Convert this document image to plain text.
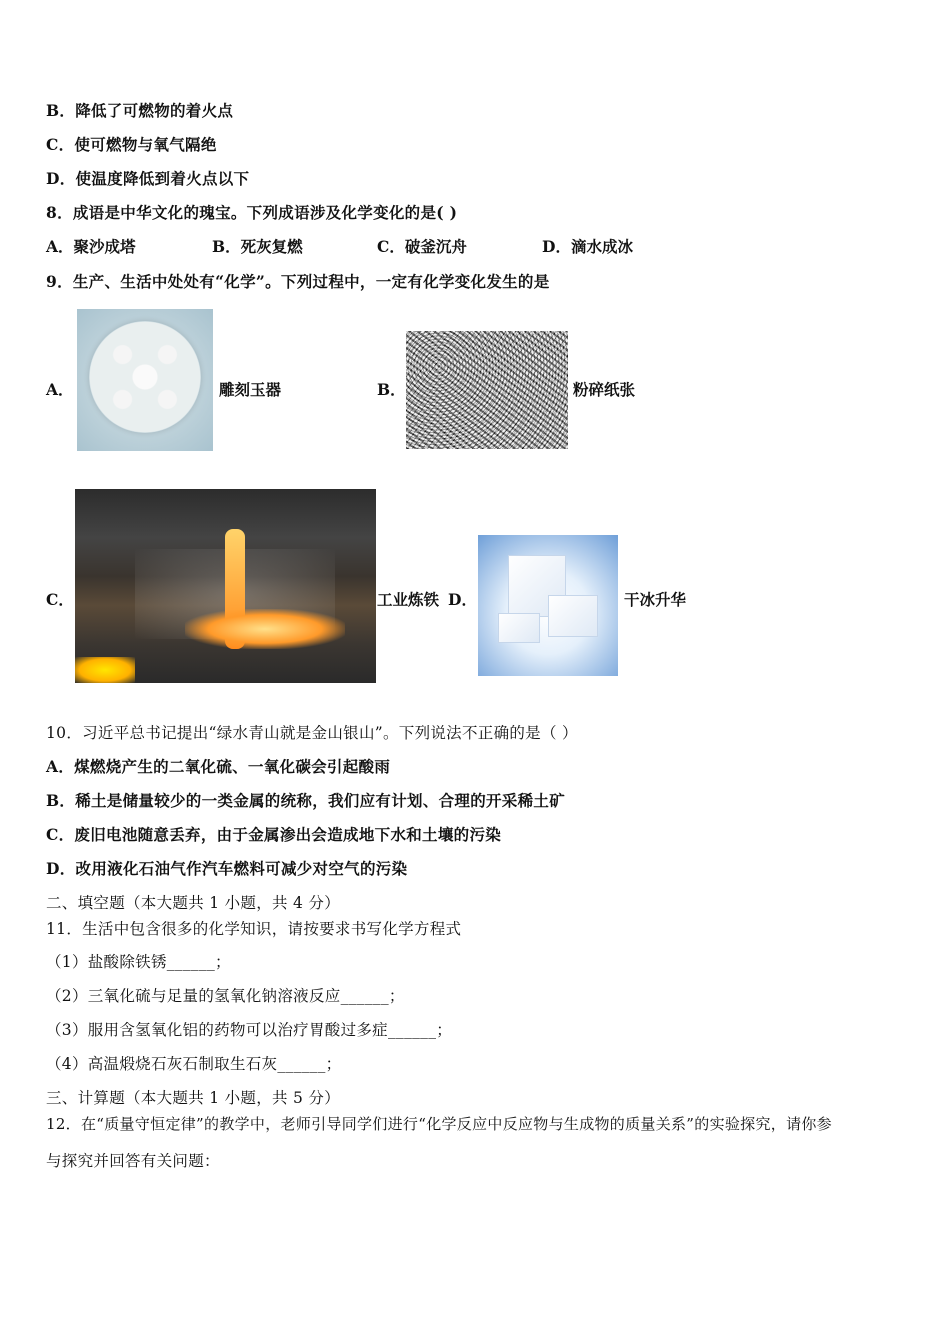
B．降低了可燃物的着火点
C．使可燃物与氧气隔绝
D．使温度降低到着火点以下
8．成语是中华文化的瑰宝。下列成语涉及化学变化的是( )
A．聚沙成塔	B．死灰复燃	C．破釜沉舟	D．滴水成冰
9．生产、生活中处处有“化学”。下列过程中，一定有化学变化发生的是
A．	雕刻玉器	B．	粉碎纸张
C．	工业炼铁 D．	干冰升华
10．习近平总书记提出“绿水青山就是金山银山”。下列说法不正确的是（ ）
A．煤燃烧产生的二氧化硫、一氧化碳会引起酸雨
B．稀土是储量较少的一类金属的统称，我们应有计划、合理的开采稀土矿
C．废旧电池随意丢弃，由于金属渗出会造成地下水和土壤的污染
D．改用液化石油气作汽车燃料可减少对空气的污染
二、填空题（本大题共 1 小题，共 4 分）
11．生活中包含很多的化学知识，请按要求书写化学方程式
（1）盐酸除铁锈______；
（2）三氧化硫与足量的氢氧化钠溶液反应______；
（3）服用含氢氧化铝的药物可以治疗胃酸过多症______；
（4）高温煅烧石灰石制取生石灰______；
三、计算题（本大题共 1 小题，共 5 分）
12．在“质量守恒定律”的教学中，老师引导同学们进行“化学反应中反应物与生成物的质量关系”的实验探究，请你参
与探究并回答有关问题：
